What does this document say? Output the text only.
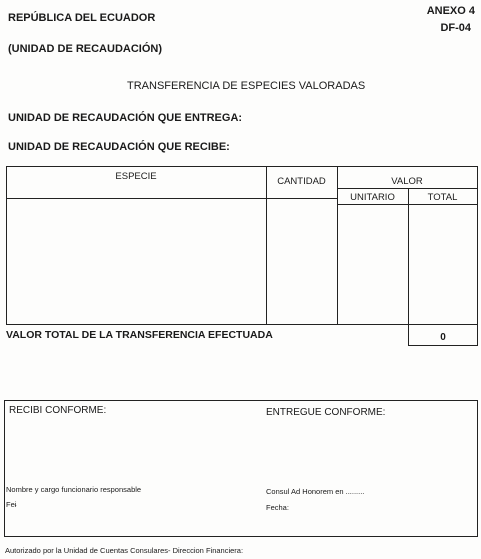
REPÚBLICA DEL ECUADOR
(UNIDAD DE RECAUDACIÓN)
ANEXO 4
DF-04
TRANSFERENCIA DE ESPECIES VALORADAS
UNIDAD DE RECAUDACIÓN QUE ENTREGA:
UNIDAD DE RECAUDACIÓN QUE RECIBE:
ESPECIE	CANTIDAD	VALOR
UNITARIO	TOTAL
VALOR TOTAL DE LA TRANSFERENCIA EFECTUADA	0
RECIBI CONFORME:	ENTREGUE CONFORME:
Nombre y cargo funcionario responsable
Feɨ
Consul Ad Honorem en .........
Fecha:
Autorizado por la Unidad de Cuentas Consulares- Direccion Financiera:
